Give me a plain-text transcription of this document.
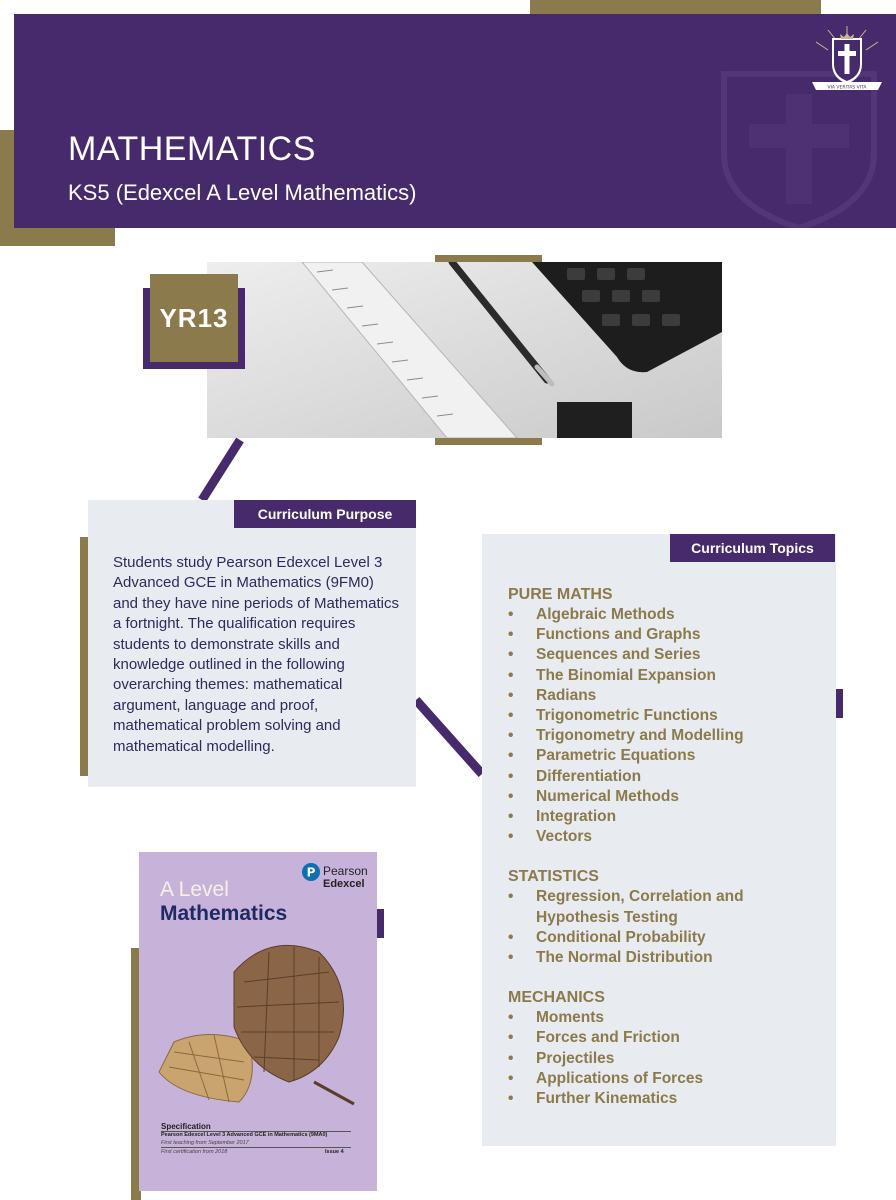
MATHEMATICS
KS5 (Edexcel A Level Mathematics)
VIA VERITAS VITA
YR13
Curriculum Purpose
Students study Pearson Edexcel Level 3 Advanced GCE in Mathematics (9FM0) and they have nine periods of Mathematics a fortnight. The qualification requires students to demonstrate skills and knowledge outlined in the following overarching themes: mathematical argument, language and proof, mathematical problem solving and mathematical modelling.
Curriculum Topics
PURE MATHS
• Algebraic Methods
• Functions and Graphs
• Sequences and Series
• The Binomial Expansion
• Radians
• Trigonometric Functions
• Trigonometry and Modelling
• Parametric Equations
• Differentiation
• Numerical Methods
• Integration
• Vectors
STATISTICS
• Regression, Correlation and Hypothesis Testing
• Conditional Probability
• The Normal Distribution
MECHANICS
• Moments
• Forces and Friction
• Projectiles
• Applications of Forces
• Further Kinematics
P Pearson
Edexcel
A Level
Mathematics
Specification
Pearson Edexcel Level 3 Advanced GCE in Mathematics (9MA0)
First teaching from September 2017
First certification from 2018	Issue 4
